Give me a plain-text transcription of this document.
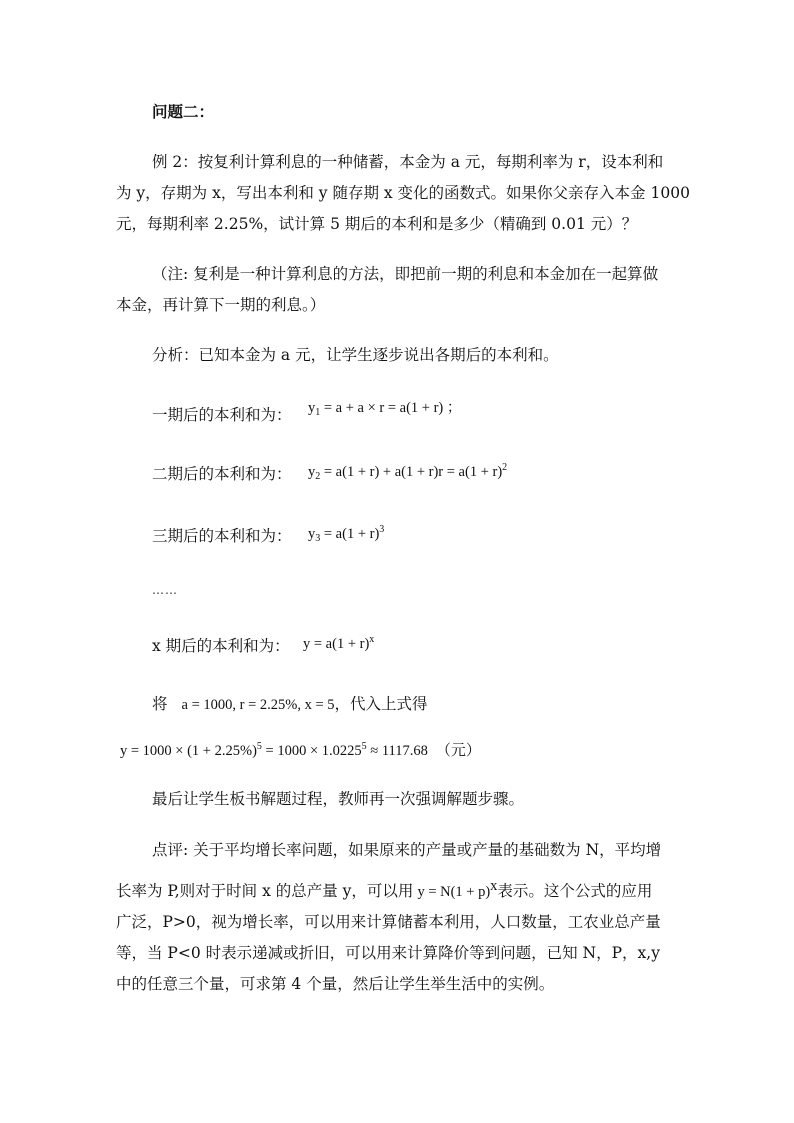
问题二：
例 2：按复利计算利息的一种储蓄，本金为 a 元，每期利率为 r，设本利和
为 y，存期为 x，写出本利和 y 随存期 x 变化的函数式。如果你父亲存入本金 1000
元，每期利率 2.25%，试计算 5 期后的本利和是多少（精确到 0.01 元）？
（注: 复利是一种计算利息的方法，即把前一期的利息和本金加在一起算做
本金，再计算下一期的利息。）
分析：已知本金为 a 元，让学生逐步说出各期后的本利和。
一期后的本利和为： $y_1 = a + a \times r = a(1 + r)$ ；
二期后的本利和为： $y_2 = a(1 + r) + a(1 + r)r = a(1 + r)^2$
三期后的本利和为： $y_3 = a(1 + r)^3$
……
x 期后的本利和为： $y = a(1 + r)^x$
将 a = 1000, r = 2.25%, x = 5，代入上式得
$y = 1000 \times (1 + 2.25\%)^5 = 1000 \times 1.0225^5 \approx 1117.68$ （元）
最后让学生板书解题过程，教师再一次强调解题步骤。
点评: 关于平均增长率问题，如果原来的产量或产量的基础数为 N，平均增
长率为 P,则对于时间 x 的总产量 y，可以用 $y = N(1 + p)^x$表示。这个公式的应用
广泛，P>0，视为增长率，可以用来计算储蓄本利用，人口数量，工农业总产量
等，当 P<0 时表示递减或折旧，可以用来计算降价等到问题，已知 N，P，x,y
中的任意三个量，可求第 4 个量，然后让学生举生活中的实例。
